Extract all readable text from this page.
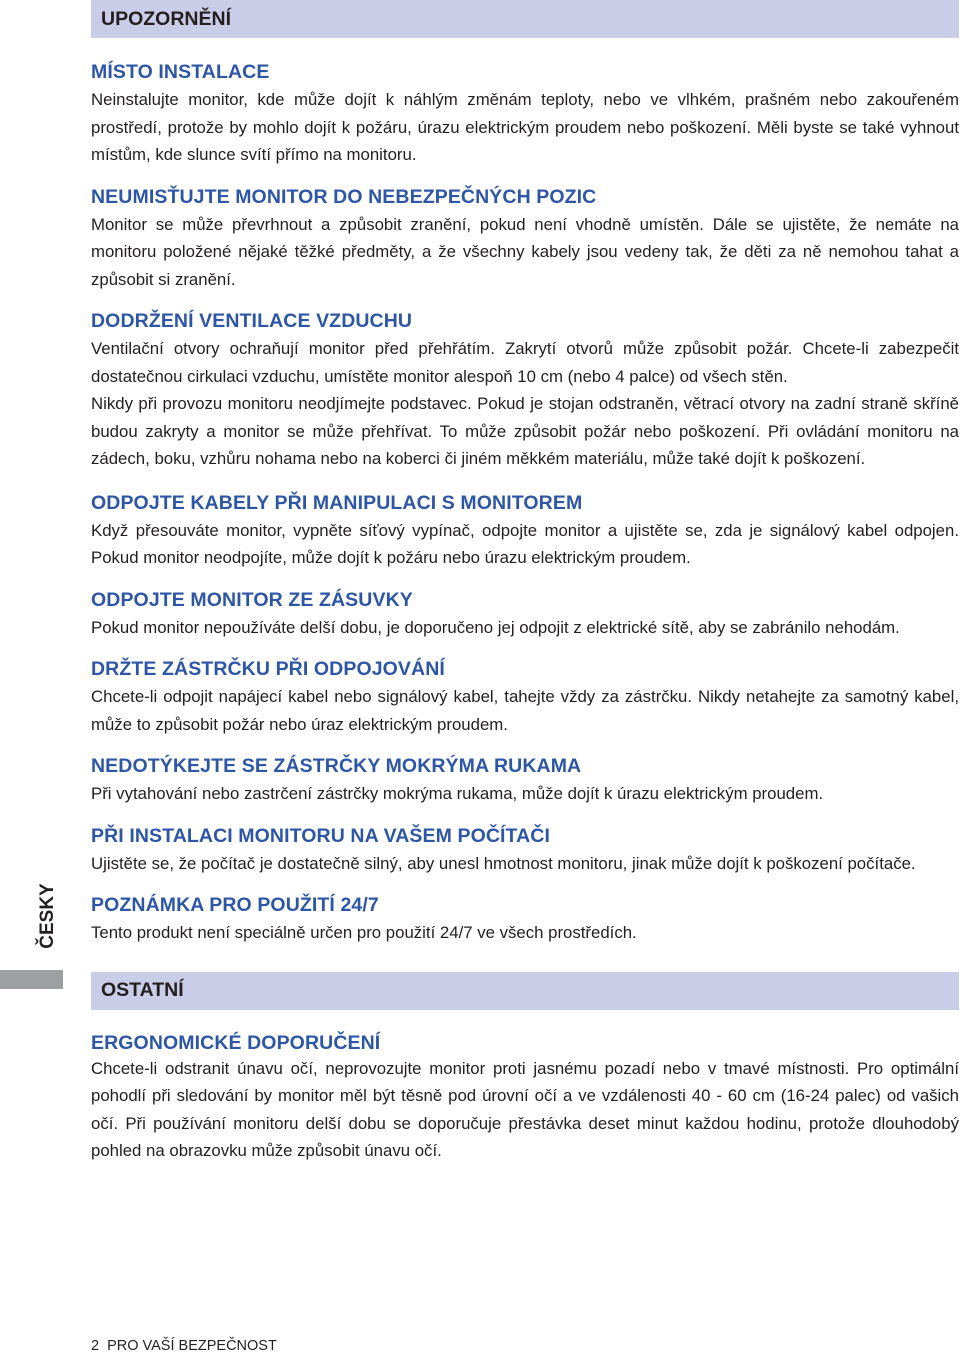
UPOZORNĚNÍ

MÍSTO INSTALACE

Neinstalujte monitor, kde může dojít k náhlým změnám teploty, nebo ve vlhkém, prašném nebo zakouřeném prostředí, protože by mohlo dojít k požáru, úrazu elektrickým proudem nebo poškození. Měli byste se také vyhnout místům, kde slunce svítí přímo na monitoru.

NEUMISŤUJTE MONITOR DO NEBEZPEČNÝCH POZIC

Monitor se může převrhnout a způsobit zranění, pokud není vhodně umístěn. Dále se ujistěte, že nemáte na monitoru položené nějaké těžké předměty, a že všechny kabely jsou vedeny tak, že děti za ně nemohou tahat a způsobit si zranění.

DODRŽENÍ VENTILACE VZDUCHU

Ventilační otvory ochraňují monitor před přehřátím. Zakrytí otvorů může způsobit požár. Chcete-li zabezpečit dostatečnou cirkulaci vzduchu, umístěte monitor alespoň 10 cm (nebo 4 palce) od všech stěn.

Nikdy při provozu monitoru neodjímejte podstavec. Pokud je stojan odstraněn, větrací otvory na zadní straně skříně budou zakryty a monitor se může přehřívat. To může způsobit požár nebo poškození. Při ovládání monitoru na zádech, boku, vzhůru nohama nebo na koberci či jiném měkkém materiálu, může také dojít k poškození.

ODPOJTE KABELY PŘI MANIPULACI S MONITOREM

Když přesouváte monitor, vypněte síťový vypínač, odpojte monitor a ujistěte se, zda je signálový kabel odpojen. Pokud monitor neodpojíte, může dojít k požáru nebo úrazu elektrickým proudem.

ODPOJTE MONITOR ZE ZÁSUVKY

Pokud monitor nepoužíváte delší dobu, je doporučeno jej odpojit z elektrické sítě, aby se zabránilo nehodám.

DRŽTE ZÁSTRČKU PŘI ODPOJOVÁNÍ

Chcete-li odpojit napájecí kabel nebo signálový kabel, tahejte vždy za zástrčku. Nikdy netahejte za samotný kabel, může to způsobit požár nebo úraz elektrickým proudem.

NEDOTÝKEJTE SE ZÁSTRČKY MOKRÝMA RUKAMA

Při vytahování nebo zastrčení zástrčky mokrýma rukama, může dojít k úrazu elektrickým proudem.

PŘI INSTALACI MONITORU NA VAŠEM POČÍTAČI

Ujistěte se, že počítač je dostatečně silný, aby unesl hmotnost monitoru, jinak může dojít k poškození počítače.

POZNÁMKA PRO POUŽITÍ 24/7

Tento produkt není speciálně určen pro použití 24/7 ve všech prostředích.

OSTATNÍ

ERGONOMICKÉ DOPORUČENÍ

Chcete-li odstranit únavu očí, neprovozujte monitor proti jasnému pozadí nebo v tmavé místnosti. Pro optimální pohodlí při sledování by monitor měl být těsně pod úrovní očí a ve vzdálenosti 40 - 60 cm (16-24 palec) od vašich očí. Při používání monitoru delší dobu se doporučuje přestávka deset minut každou hodinu, protože dlouhodobý pohled na obrazovku může způsobit únavu očí.

ČESKY
2 PRO VAŠÍ BEZPEČNOST
